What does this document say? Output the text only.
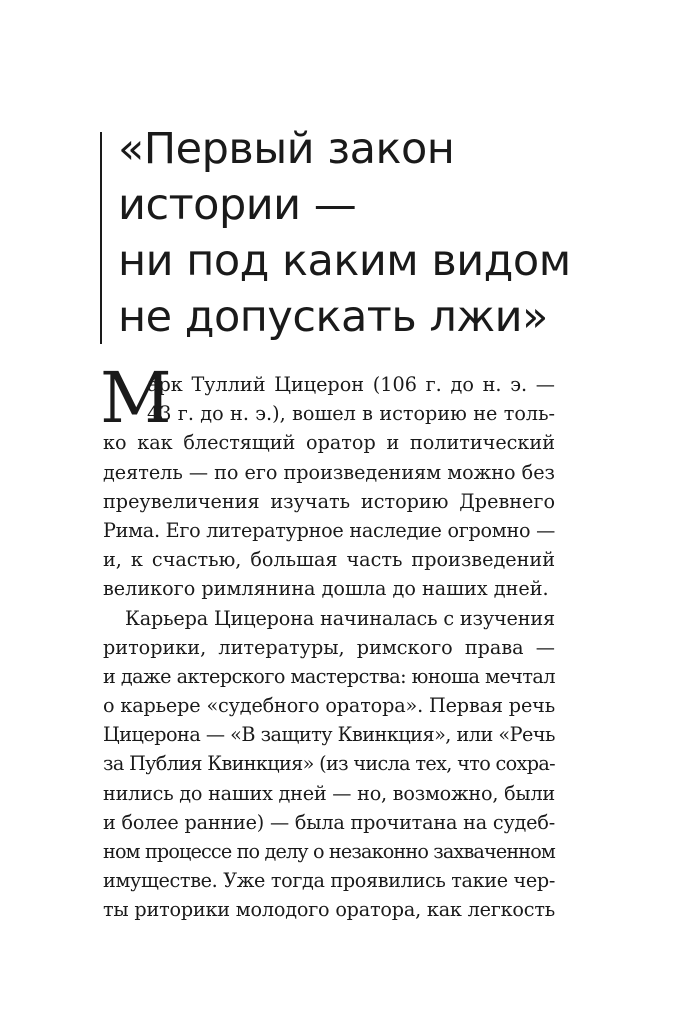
«Первый закон
истории —
ни под каким видом
не допускать лжи»
М
арк Туллий Цицерон (106 г. до н. э. —
43 г. до н. э.), вошел в историю не толь-
ко как блестящий оратор и политический
деятель — по его произведениям можно без
преувеличения изучать историю Древнего
Рима. Его литературное наследие огромно —
и, к счастью, большая часть произведений
великого римлянина дошла до наших дней.
Карьера Цицерона начиналась с изучения
риторики, литературы, римского права —
и даже актерского мастерства: юноша мечтал
о карьере «судебного оратора». Первая речь
Цицерона — «В защиту Квинкция», или «Речь
за Публия Квинкция» (из числа тех, что сохра-
нились до наших дней — но, возможно, были
и более ранние) — была прочитана на судеб-
ном процессе по делу о незаконно захваченном
имуществе. Уже тогда проявились такие чер-
ты риторики молодого оратора, как легкость
